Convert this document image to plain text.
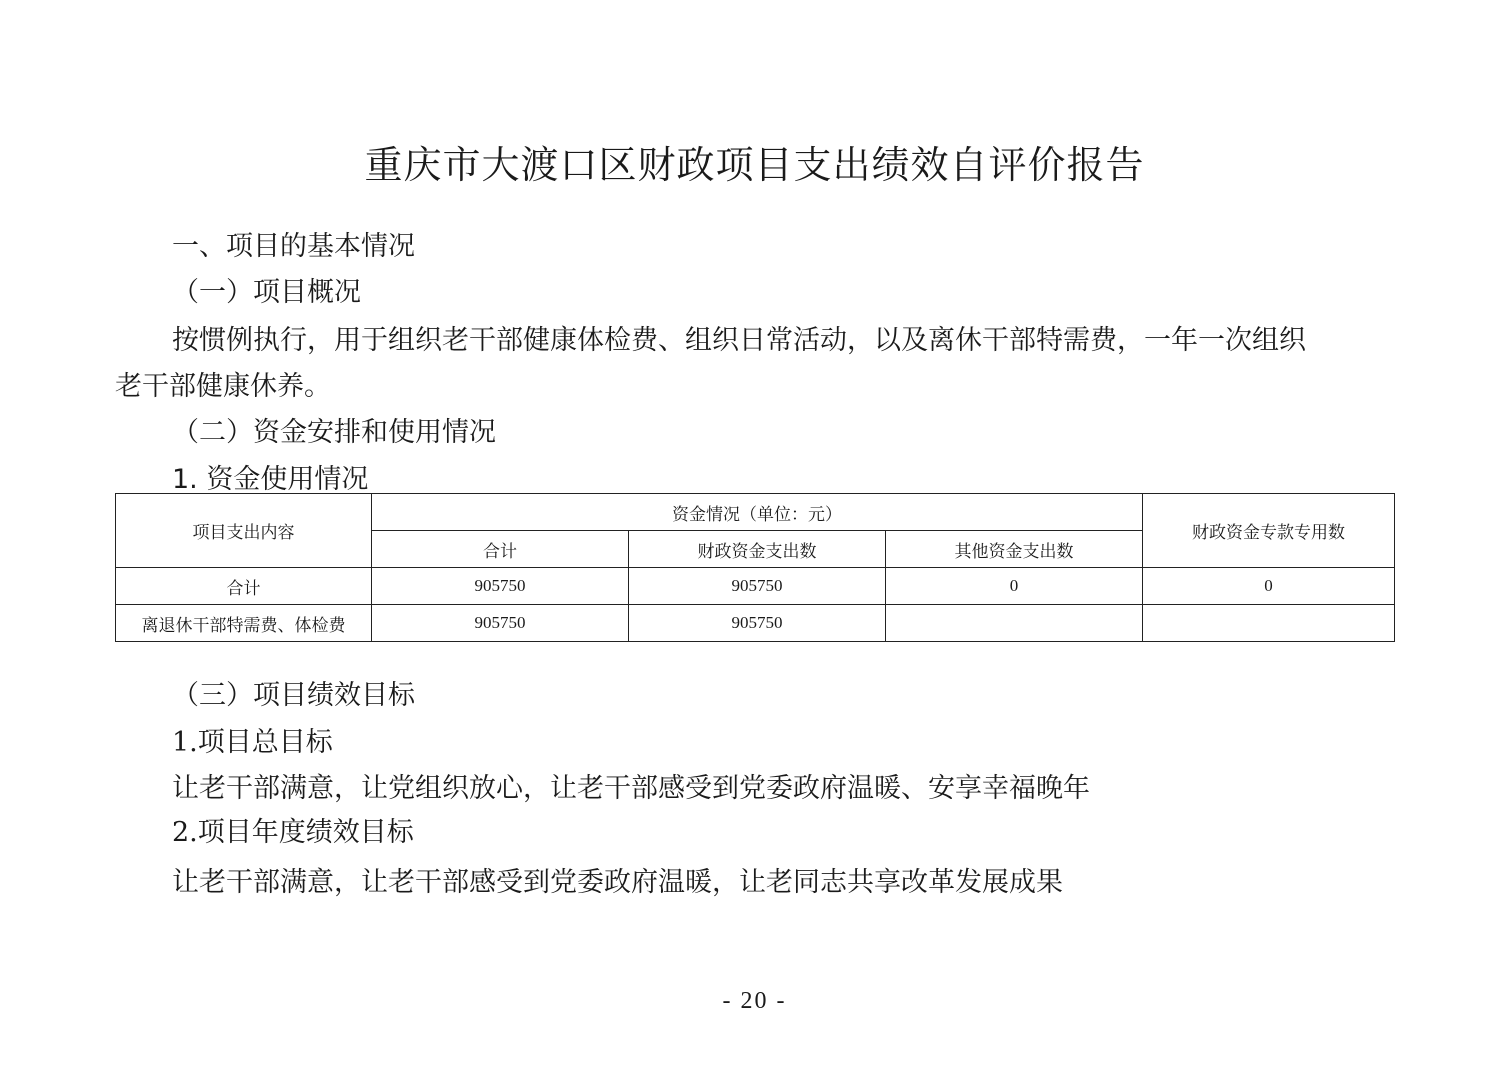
重庆市大渡口区财政项目支出绩效自评价报告
一、项目的基本情况
（一）项目概况
按惯例执行，用于组织老干部健康体检费、组织日常活动，以及离休干部特需费，一年一次组织
老干部健康休养。
（二）资金安排和使用情况
1. 资金使用情况
项目支出内容	资金情况（单位：元）			财政资金专款专用数
	合计	财政资金支出数	其他资金支出数	
合计	905750	905750	0	0
离退休干部特需费、体检费	905750	905750		
（三）项目绩效目标
1.项目总目标
让老干部满意，让党组织放心，让老干部感受到党委政府温暖、安享幸福晚年
2.项目年度绩效目标
让老干部满意，让老干部感受到党委政府温暖，让老同志共享改革发展成果
- 20 -
